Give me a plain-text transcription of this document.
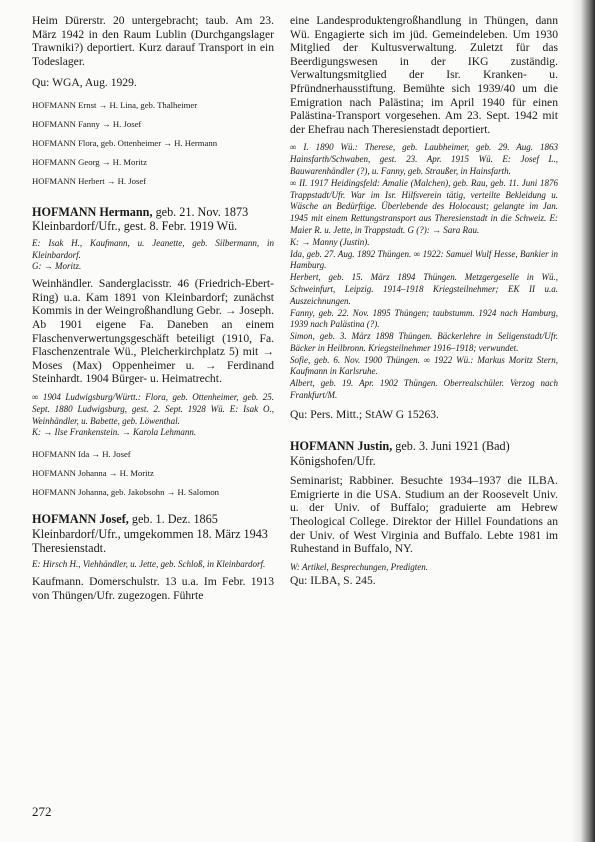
Heim Dürerstr. 20 untergebracht; taub. Am 23. März 1942 in den Raum Lublin (Durchgangslager Trawniki?) deportiert. Kurz darauf Transport in ein Todeslager.

Qu: WGA, Aug. 1929.

HOFMANN Ernst → H. Lina, geb. Thalheimer

HOFMANN Fanny → H. Josef

HOFMANN Flora, geb. Ottenheimer → H. Hermann

HOFMANN Georg → H. Moritz

HOFMANN Herbert → H. Josef

HOFMANN Hermann, geb. 21. Nov. 1873 Kleinbardorf/Ufr., gest. 8. Febr. 1919 Wü.

E: Isak H., Kaufmann, u. Jeanette, geb. Silbermann, in Kleinbardorf.

G: → Moritz.

Weinhändler. Sanderglacisstr. 46 (Friedrich-Ebert-Ring) u.a. Kam 1891 von Kleinbardorf; zunächst Kommis in der Weingroßhandlung Gebr. → Joseph. Ab 1901 eigene Fa. Daneben an einem Flaschenverwertungsgeschäft beteiligt (1910, Fa. Flaschenzentrale Wü., Pleicherkirchplatz 5) mit → Moses (Max) Oppenheimer u. → Ferdinand Steinhardt. 1904 Bürger- u. Heimatrecht.

∞ 1904 Ludwigsburg/Württ.: Flora, geb. Ottenheimer, geb. 25. Sept. 1880 Ludwigsburg, gest. 2. Sept. 1928 Wü. E: Isak O., Weinhändler, u. Babette, geb. Löwenthal.

K: → Ilse Frankenstein. → Karola Lehmann.

HOFMANN Ida → H. Josef

HOFMANN Johanna → H. Moritz

HOFMANN Johanna, geb. Jakobsohn → H. Salomon

HOFMANN Josef, geb. 1. Dez. 1865 Kleinbardorf/Ufr., umgekommen 18. März 1943 Theresienstadt.

E: Hirsch H., Viehhändler, u. Jette, geb. Schloß, in Kleinbardorf.

Kaufmann. Domerschulstr. 13 u.a. Im Febr. 1913 von Thüngen/Ufr. zugezogen. Führte

eine Landesproduktengroßhandlung in Thüngen, dann Wü. Engagierte sich im jüd. Gemeindeleben. Um 1930 Mitglied der Kultusverwaltung. Zuletzt für das Beerdigungswesen in der IKG zuständig. Verwaltungsmitglied der Isr. Kranken- u. Pfründnerhausstiftung. Bemühte sich 1939/40 um die Emigration nach Palästina; im April 1940 für einen Palästina-Transport vorgesehen. Am 23. Sept. 1942 mit der Ehefrau nach Theresienstadt deportiert.

∞ I. 1890 Wü.: Therese, geb. Laubheimer, geb. 29. Aug. 1863 Hainsfarth/Schwaben, gest. 23. Apr. 1915 Wü. E: Josef L., Bauwarenhändler (?), u. Fanny, geb. Straußer, in Hainsfarth.

∞ II. 1917 Heidingsfeld: Amalie (Malchen), geb. Rau, geb. 11. Juni 1876 Trappstadt/Ufr. War im Isr. Hilfsverein tätig, verteilte Bekleidung u. Wäsche an Bedürftige. Überlebende des Holocaust; gelangte im Jan. 1945 mit einem Rettungstransport aus Theresienstadt in die Schweiz. E: Maier R. u. Jette, in Trappstadt. G (?): → Sara Rau.

K: → Manny (Justin).

Ida, geb. 27. Aug. 1892 Thüngen. ∞ 1922: Samuel Wulf Hesse, Bankier in Hamburg.

Herbert, geb. 15. März 1894 Thüngen. Metzgergeselle in Wü., Schweinfurt, Leipzig. 1914–1918 Kriegsteilnehmer; EK II u.a. Auszeichnungen.

Fanny, geb. 22. Nov. 1895 Thüngen; taubstumm. 1924 nach Hamburg, 1939 nach Palästina (?).

Simon, geb. 3. März 1898 Thüngen. Bäckerlehre in Seligenstadt/Ufr. Bäcker in Heilbronn. Kriegsteilnehmer 1916–1918; verwundet.

Sofie, geb. 6. Nov. 1900 Thüngen. ∞ 1922 Wü.: Markus Moritz Stern, Kaufmann in Karlsruhe.

Albert, geb. 19. Apr. 1902 Thüngen. Oberrealschüler. Verzog nach Frankfurt/M.

Qu: Pers. Mitt.; StAW G 15263.

HOFMANN Justin, geb. 3. Juni 1921 (Bad) Königshofen/Ufr.

Seminarist; Rabbiner. Besuchte 1934–1937 die ILBA. Emigrierte in die USA. Studium an der Roosevelt Univ. u. der Univ. of Buffalo; graduierte am Hebrew Theological College. Direktor der Hillel Foundations an der Univ. of West Virginia and Buffalo. Lebte 1981 im Ruhestand in Buffalo, NY.

W: Artikel, Besprechungen, Predigten.

Qu: ILBA, S. 245.

272
